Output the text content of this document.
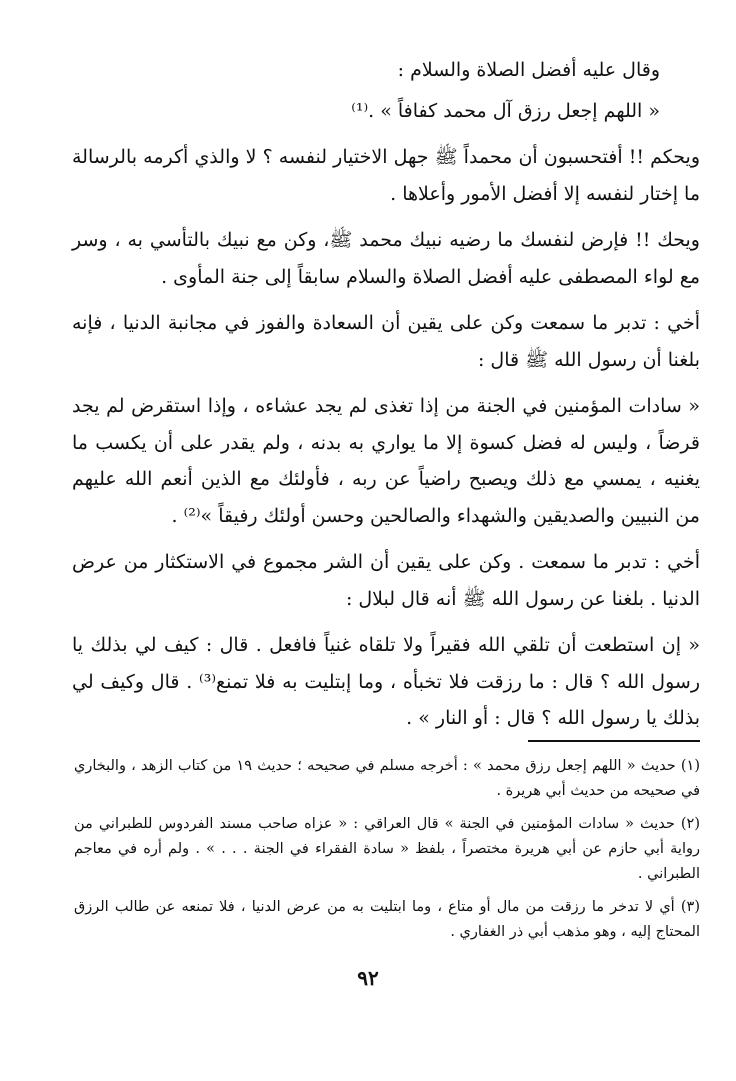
وقال عليه أفضل الصلاة والسلام :

« اللهم إجعل رزق آل محمد كفافاً » .⁽¹⁾

ويحكم !! أفتحسبون أن محمداً ﷺ جهل الاختيار لنفسه ؟ لا والذي أكرمه بالرسالة ما إختار لنفسه إلا أفضل الأمور وأعلاها .

ويحك !! فإرض لنفسك ما رضيه نبيك محمد ﷺ، وكن مع نبيك بالتأسي به ، وسر مع لواء المصطفى عليه أفضل الصلاة والسلام سابقاً إلى جنة المأوى .

أخي : تدبر ما سمعت وكن على يقين أن السعادة والفوز في مجانبة الدنيا ، فإنه بلغنا أن رسول الله ﷺ قال :

« سادات المؤمنين في الجنة من إذا تغذى لم يجد عشاءه ، وإذا استقرض لم يجد قرضاً ، وليس له فضل كسوة إلا ما يواري به بدنه ، ولم يقدر على أن يكسب ما يغنيه ، يمسي مع ذلك ويصبح راضياً عن ربه ، فأولئك مع الذين أنعم الله عليهم من النبيين والصديقين والشهداء والصالحين وحسن أولئك رفيقاً »⁽²⁾ .

أخي : تدبر ما سمعت . وكن على يقين أن الشر مجموع في الاستكثار من عرض الدنيا . بلغنا عن رسول الله ﷺ أنه قال لبلال :

« إن استطعت أن تلقي الله فقيراً ولا تلقاه غنياً فافعل . قال : كيف لي بذلك يا رسول الله ؟ قال : ما رزقت فلا تخبأه ، وما إبتليت به فلا تمنع⁽³⁾ . قال وكيف لي بذلك يا رسول الله ؟ قال : أو النار » .

(١) حديث « اللهم إجعل رزق محمد » : أخرجه مسلم في صحيحه ؛ حديث ١٩ من كتاب الزهد ، والبخاري في صحيحه من حديث أبي هريرة .

(٢) حديث « سادات المؤمنين في الجنة » قال العراقي : « عزاه صاحب مسند الفردوس للطبراني من رواية أبي حازم عن أبي هريرة مختصراً ، بلفظ « سادة الفقراء في الجنة . . . » . ولم أره في معاجم الطبراني .

(٣) أي لا تدخر ما رزقت من مال أو متاع ، وما ابتليت به من عرض الدنيا ، فلا تمنعه عن طالب الرزق المحتاج إليه ، وهو مذهب أبي ذر الغفاري .

٩٢
